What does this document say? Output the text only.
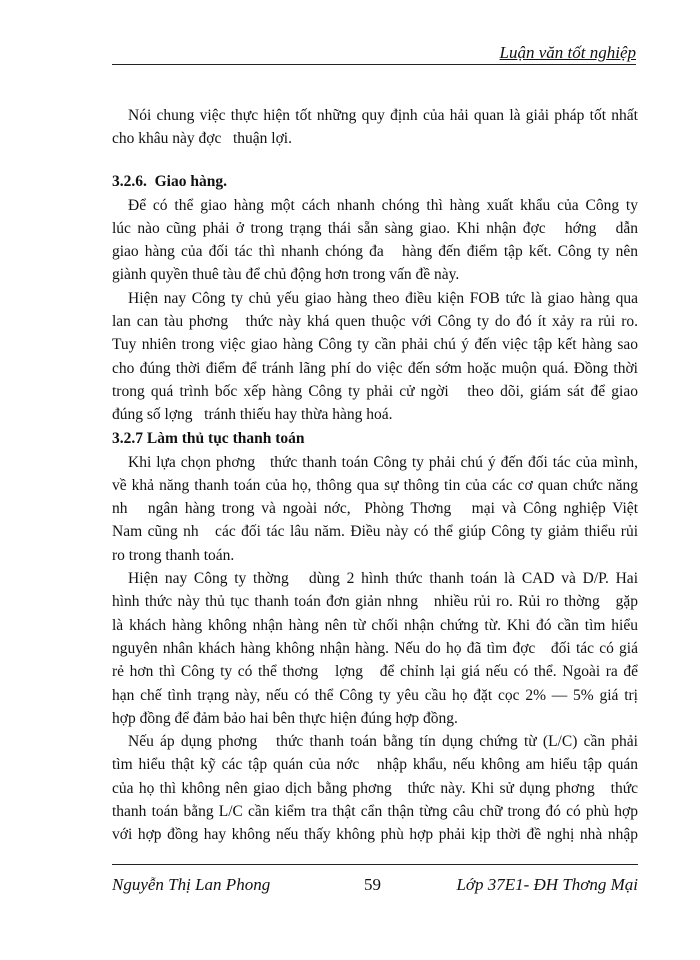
Luận văn tốt nghiệp
Nói chung việc thực hiện tốt những quy định của hải quan là giải pháp tốt nhất
cho khâu này đợc   thuận lợi.
3.2.6.  Giao hàng.
Để có thể giao hàng một cách nhanh chóng thì hàng xuất khẩu của Công ty
lúc nào cũng phải ở trong trạng thái sẵn sàng giao. Khi nhận đợc   hớng   dẫn
giao hàng của đối tác thì nhanh chóng đa   hàng đến điểm tập kết. Công ty nên
giành quyền thuê tàu để chủ động hơn trong vấn đề này.
Hiện nay Công ty chủ yếu giao hàng theo điều kiện FOB tức là giao hàng qua
lan can tàu phơng   thức này khá quen thuộc với Công ty do đó ít xảy ra rủi ro.
Tuy nhiên trong việc giao hàng Công ty cần phải chú ý đến việc tập kết hàng sao
cho đúng thời điểm để tránh lãng phí do việc đến sớm hoặc muộn quá. Đồng thời
trong quá trình bốc xếp hàng Công ty phải cử ngời   theo dõi, giám sát để giao
đúng số lợng   tránh thiếu hay thừa hàng hoá.
3.2.7 Làm thủ tục thanh toán
Khi lựa chọn phơng   thức thanh toán Công ty phải chú ý đến đối tác của mình,
về khả năng thanh toán của họ, thông qua sự thông tin của các cơ quan chức năng
nh   ngân hàng trong và ngoài nớc,  Phòng Thơng   mại và Công nghiệp Việt
Nam cũng nh   các đối tác lâu năm. Điều này có thể giúp Công ty giảm thiểu rủi
ro trong thanh toán.
Hiện nay Công ty thờng   dùng 2 hình thức thanh toán là CAD và D/P. Hai
hình thức này thủ tục thanh toán đơn giản nhng   nhiều rủi ro. Rủi ro thờng   gặp
là khách hàng không nhận hàng nên từ chối nhận chứng từ. Khi đó cần tìm hiểu
nguyên nhân khách hàng không nhận hàng. Nếu do họ đã tìm đợc   đối tác có giá
rẻ hơn thì Công ty có thể thơng   lợng   để chỉnh lại giá nếu có thể. Ngoài ra để
hạn chế tình trạng này, nếu có thể Công ty yêu cầu họ đặt cọc 2% — 5% giá trị
hợp đồng để đảm bảo hai bên thực hiện đúng hợp đồng.
Nếu áp dụng phơng   thức thanh toán bằng tín dụng chứng từ (L/C) cần phải
tìm hiểu thật kỹ các tập quán của nớc   nhập khẩu, nếu không am hiểu tập quán
của họ thì không nên giao dịch bằng phơng   thức này. Khi sử dụng phơng   thức
thanh toán bằng L/C cần kiểm tra thật cẩn thận từng câu chữ trong đó có phù hợp
với hợp đồng hay không nếu thấy không phù hợp phải kịp thời đề nghị nhà nhập
Nguyễn Thị Lan Phong	59	Lớp 37E1- ĐH Thơng Mại
